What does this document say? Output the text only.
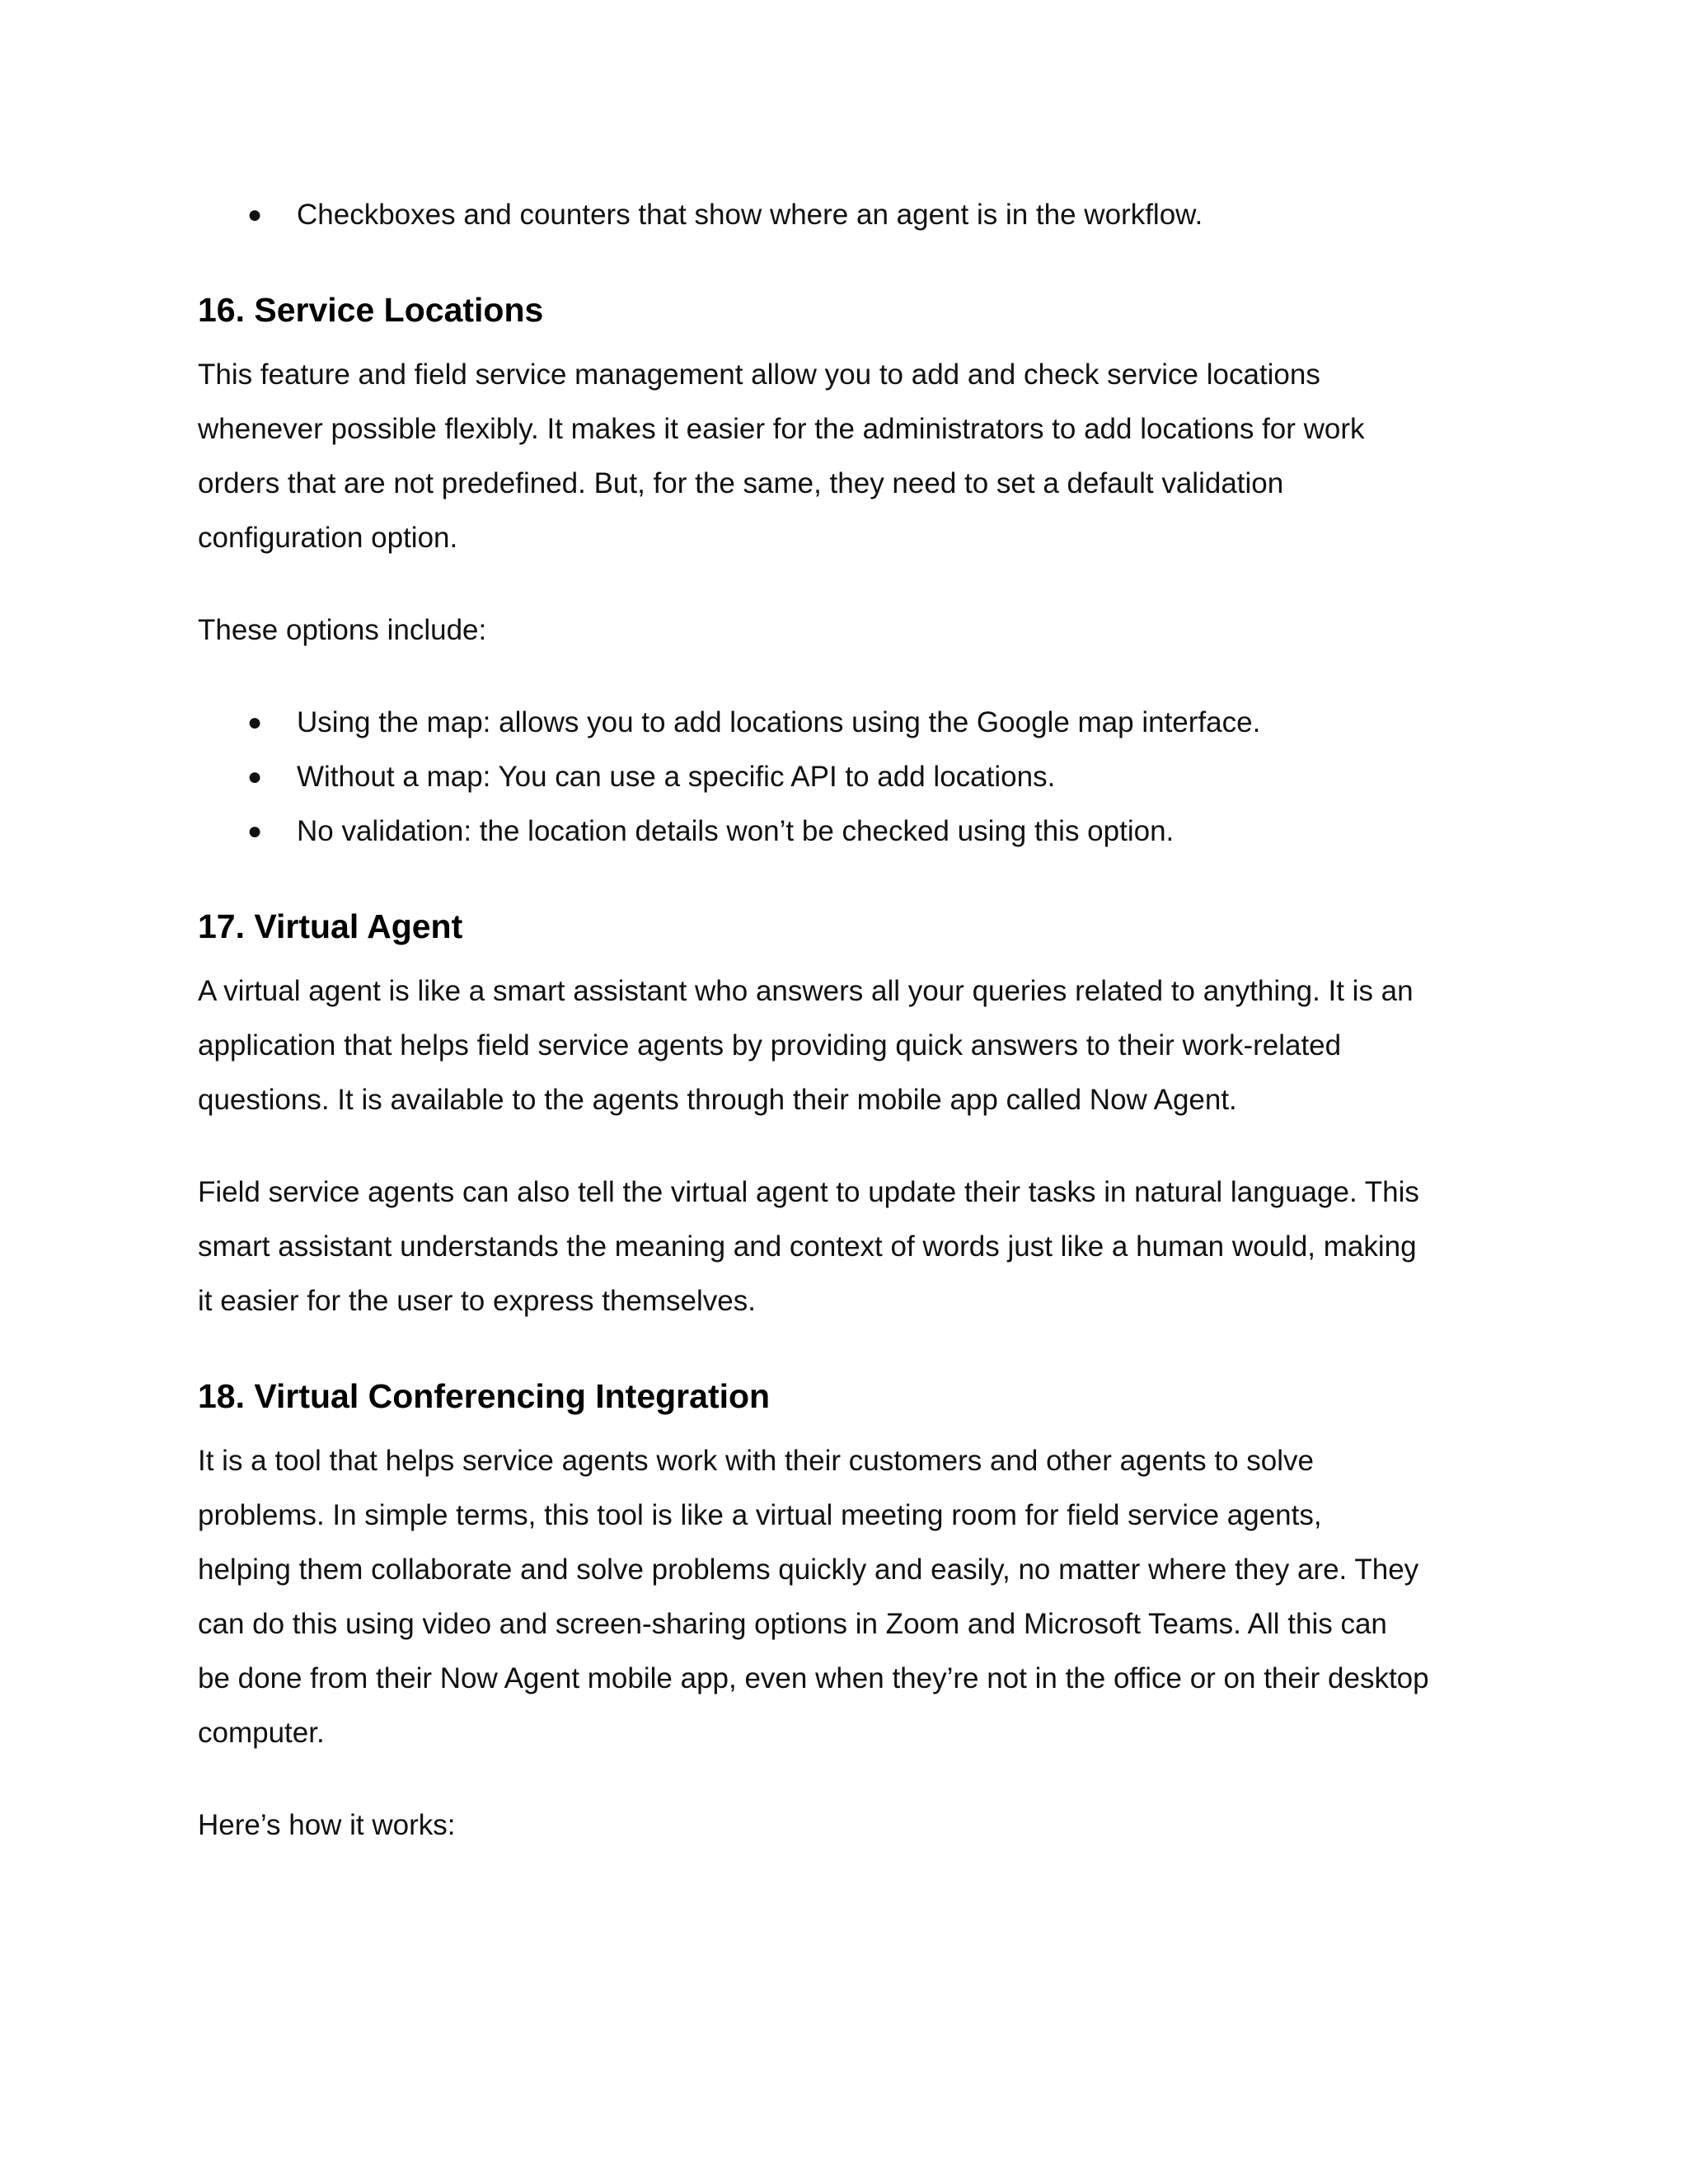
● Checkboxes and counters that show where an agent is in the workflow.
16. Service Locations
This feature and field service management allow you to add and check service locations
whenever possible flexibly. It makes it easier for the administrators to add locations for work
orders that are not predefined. But, for the same, they need to set a default validation
configuration option.
These options include:
● Using the map: allows you to add locations using the Google map interface.
● Without a map: You can use a specific API to add locations.
● No validation: the location details won’t be checked using this option.
17. Virtual Agent
A virtual agent is like a smart assistant who answers all your queries related to anything. It is an
application that helps field service agents by providing quick answers to their work-related
questions. It is available to the agents through their mobile app called Now Agent.
Field service agents can also tell the virtual agent to update their tasks in natural language. This
smart assistant understands the meaning and context of words just like a human would, making
it easier for the user to express themselves.
18. Virtual Conferencing Integration
It is a tool that helps service agents work with their customers and other agents to solve
problems. In simple terms, this tool is like a virtual meeting room for field service agents,
helping them collaborate and solve problems quickly and easily, no matter where they are. They
can do this using video and screen-sharing options in Zoom and Microsoft Teams. All this can
be done from their Now Agent mobile app, even when they’re not in the office or on their desktop
computer.
Here’s how it works:
